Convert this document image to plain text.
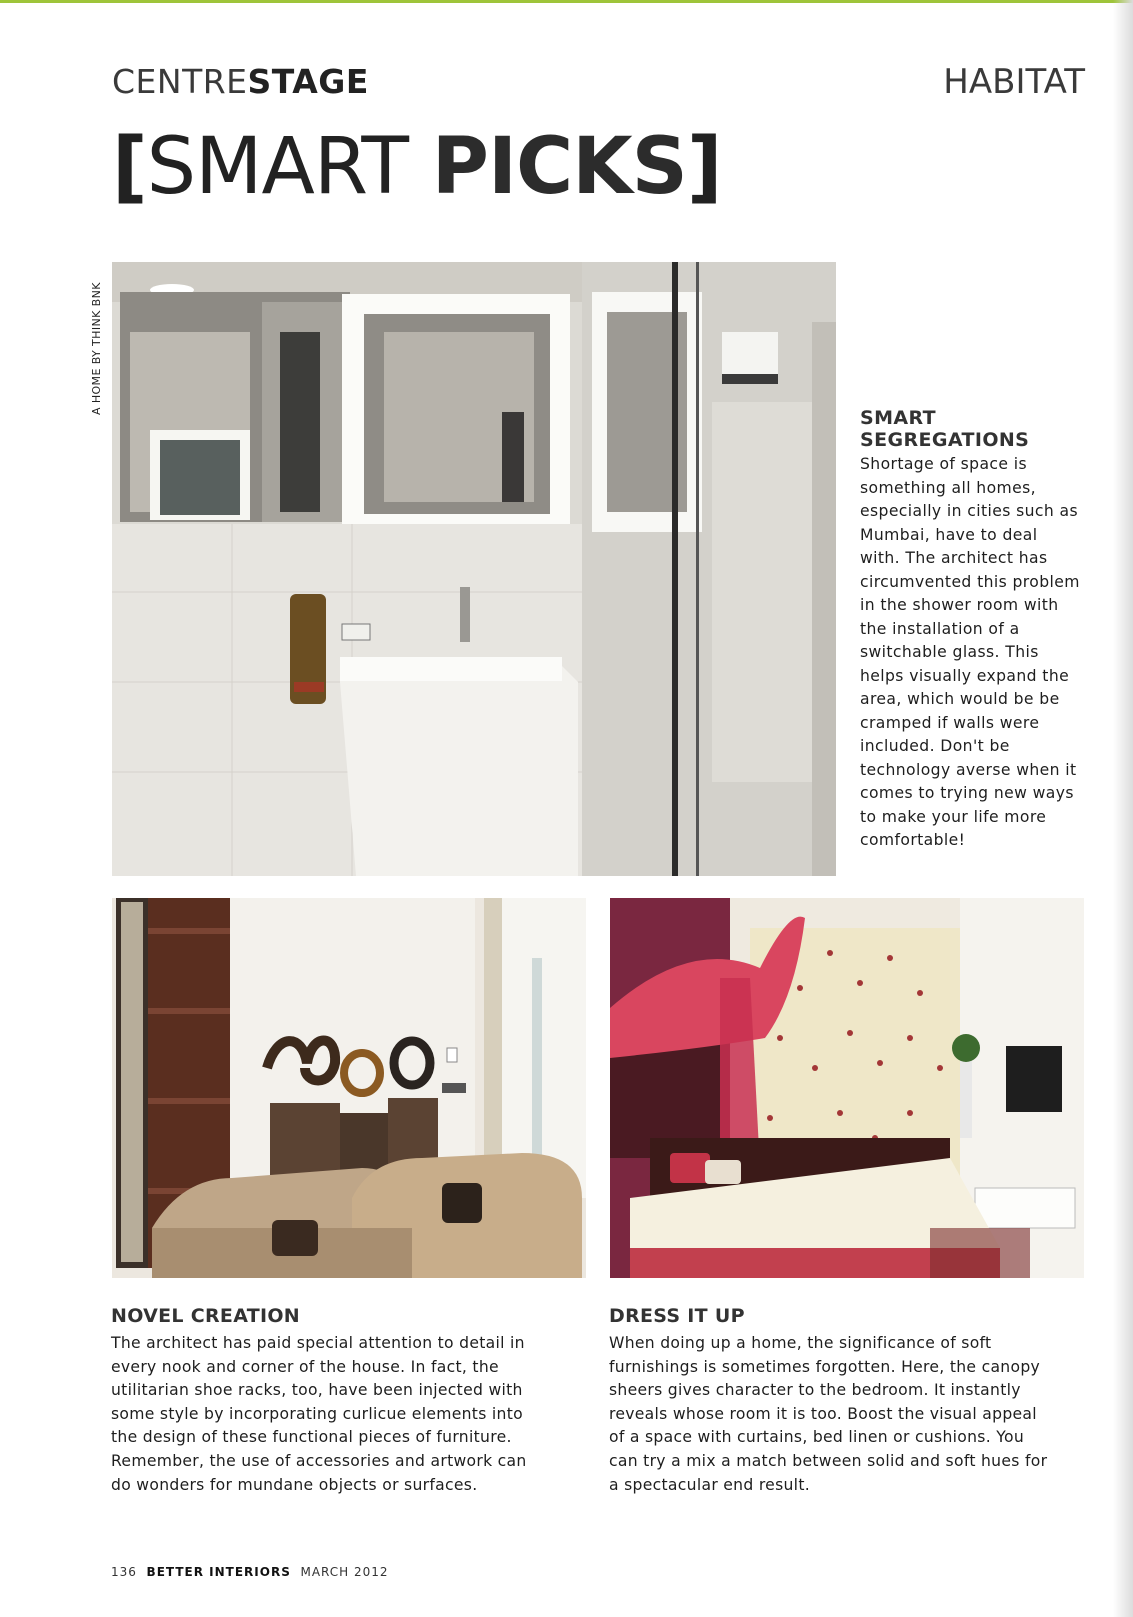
CENTRESTAGE	HABITAT
[SMART PICKS]
A HOME BY THINK BNK
SMART SEGREGATIONS

Shortage of space is something all homes, especially in cities such as Mumbai, have to deal with. The architect has circumvented this problem in the shower room with the installation of a switchable glass. This helps visually expand the area, which would be be cramped if walls were included. Don't be technology averse when it comes to trying new ways to make your life more comfortable!

NOVEL CREATION

The architect has paid special attention to detail in every nook and corner of the house. In fact, the utilitarian shoe racks, too, have been injected with some style by incorporating curlicue elements into the design of these functional pieces of furniture. Remember, the use of accessories and artwork can do wonders for mundane objects or surfaces.

DRESS IT UP

When doing up a home, the significance of soft furnishings is sometimes forgotten. Here, the canopy sheers gives character to the bedroom. It instantly reveals whose room it is too. Boost the visual appeal of a space with curtains, bed linen or cushions. You can try a mix a match between solid and soft hues for a spectacular end result.

136 BETTER INTERIORS MARCH 2012
